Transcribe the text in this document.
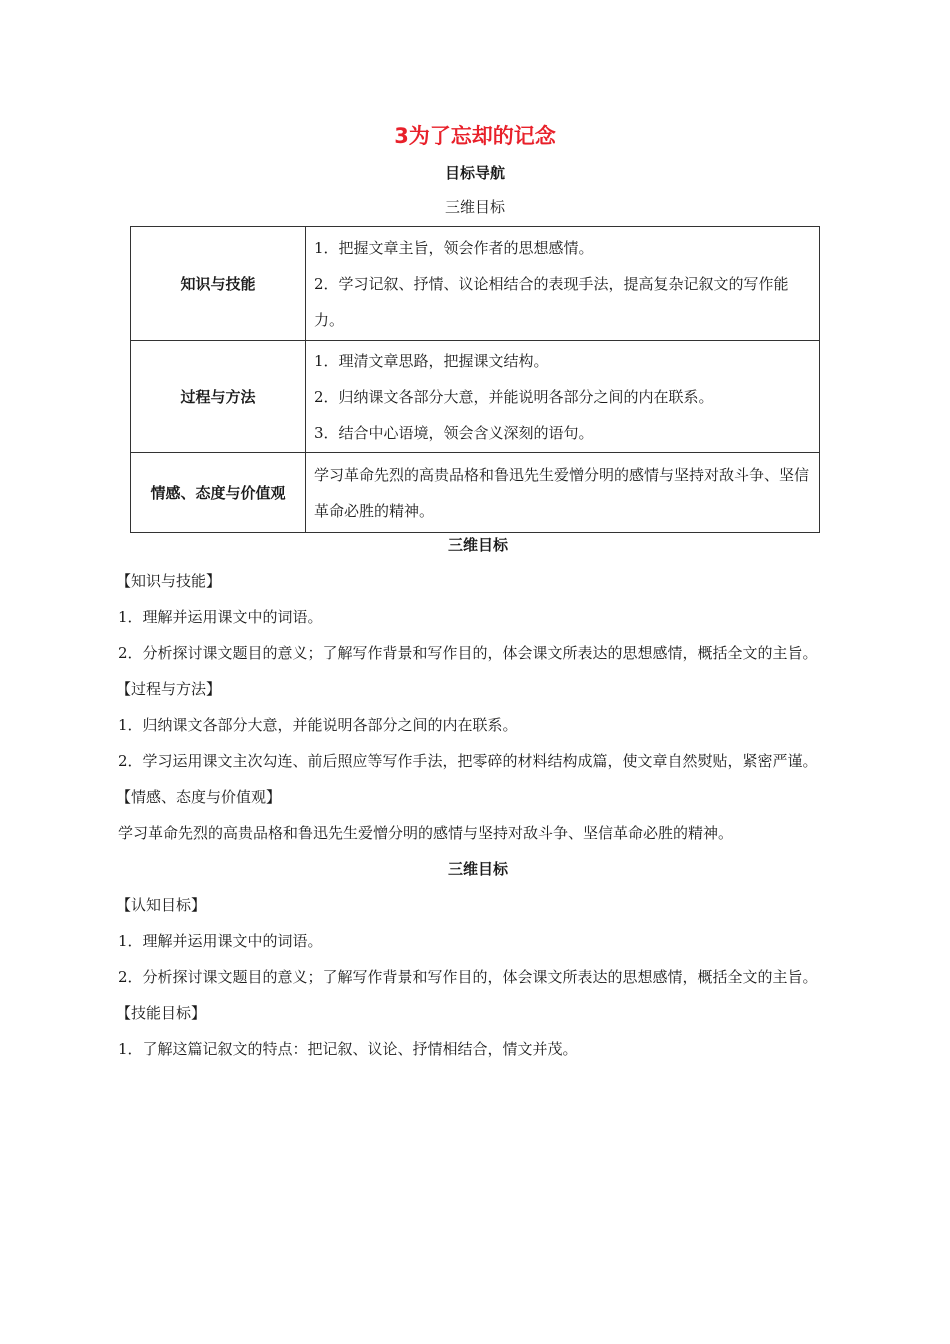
3为了忘却的记念
目标导航
三维目标
知识与技能	1．把握文章主旨，领会作者的思想感情。

2．学习记叙、抒情、议论相结合的表现手法，提高复杂记叙文的写作能力。

过程与方法	1．理清文章思路，把握课文结构。

2．归纳课文各部分大意，并能说明各部分之间的内在联系。

3．结合中心语境，领会含义深刻的语句。

情感、态度与价值观	学习革命先烈的高贵品格和鲁迅先生爱憎分明的感情与坚持对敌斗争、坚信革命必胜的精神。

三维目标

【知识与技能】

1．理解并运用课文中的词语。

2．分析探讨课文题目的意义；了解写作背景和写作目的，体会课文所表达的思想感情，概括全文的主旨。

【过程与方法】

1．归纳课文各部分大意，并能说明各部分之间的内在联系。

2．学习运用课文主次勾连、前后照应等写作手法，把零碎的材料结构成篇，使文章自然熨贴，紧密严谨。

【情感、态度与价值观】

学习革命先烈的高贵品格和鲁迅先生爱憎分明的感情与坚持对敌斗争、坚信革命必胜的精神。

三维目标

【认知目标】

1．理解并运用课文中的词语。

2．分析探讨课文题目的意义；了解写作背景和写作目的，体会课文所表达的思想感情，概括全文的主旨。

【技能目标】

1．了解这篇记叙文的特点：把记叙、议论、抒情相结合，情文并茂。
